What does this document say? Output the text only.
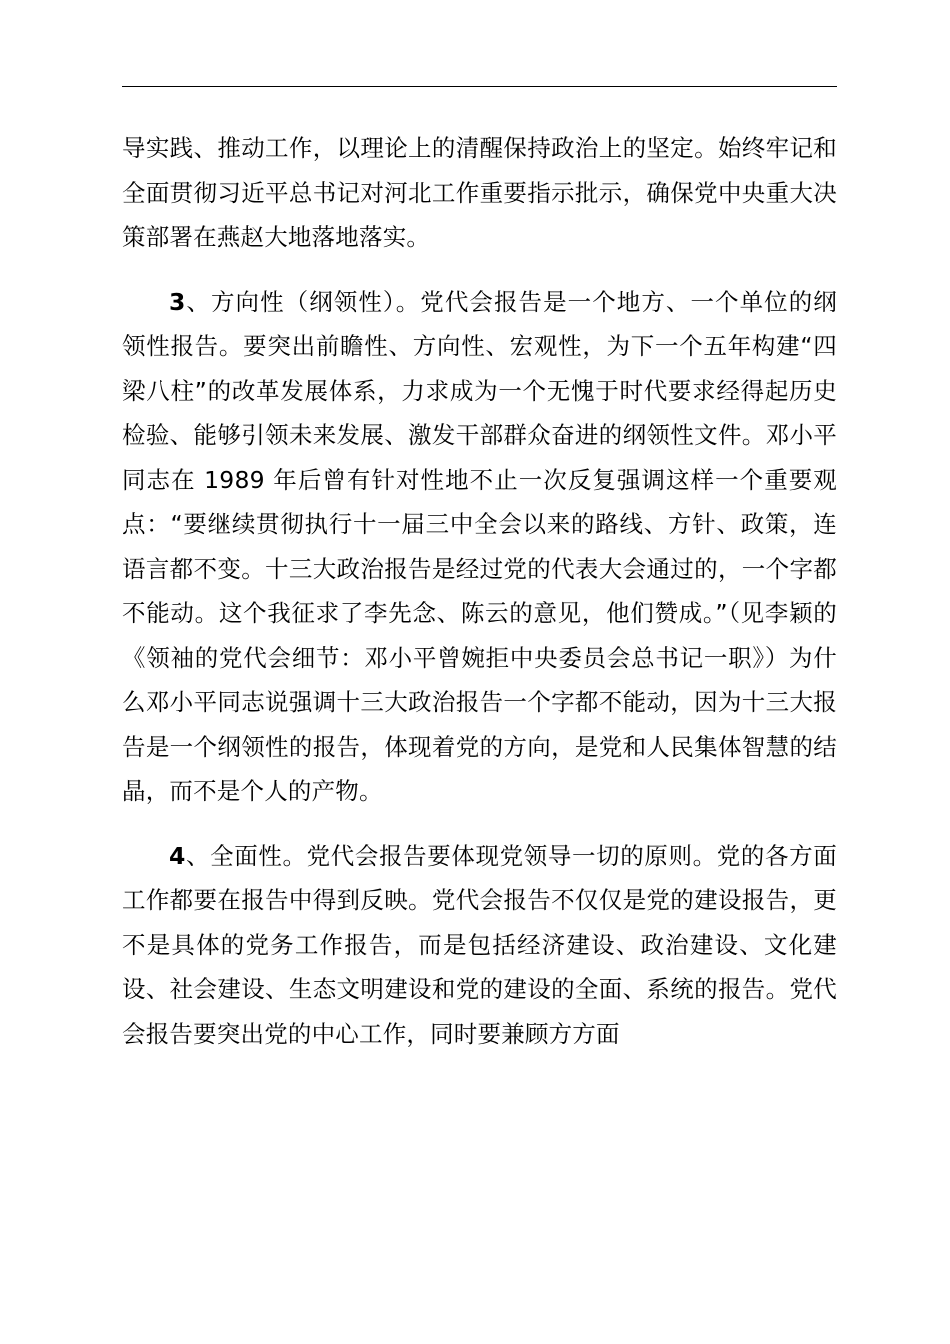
导实践、推动工作，以理论上的清醒保持政治上的坚定。始终牢记和全面贯彻习近平总书记对河北工作重要指示批示，确保党中央重大决策部署在燕赵大地落地落实。

3、方向性（纲领性）。党代会报告是一个地方、一个单位的纲领性报告。要突出前瞻性、方向性、宏观性，为下一个五年构建“四梁八柱”的改革发展体系，力求成为一个无愧于时代要求经得起历史检验、能够引领未来发展、激发干部群众奋进的纲领性文件。邓小平同志在 1989 年后曾有针对性地不止一次反复强调这样一个重要观点：“要继续贯彻执行十一届三中全会以来的路线、方针、政策，连语言都不变。十三大政治报告是经过党的代表大会通过的，一个字都不能动。这个我征求了李先念、陈云的意见，他们赞成。”（见李颖的《领袖的党代会细节：邓小平曾婉拒中央委员会总书记一职》）为什么邓小平同志说强调十三大政治报告一个字都不能动，因为十三大报告是一个纲领性的报告，体现着党的方向，是党和人民集体智慧的结晶，而不是个人的产物。

4、全面性。党代会报告要体现党领导一切的原则。党的各方面工作都要在报告中得到反映。党代会报告不仅仅是党的建设报告，更不是具体的党务工作报告，而是包括经济建设、政治建设、文化建设、社会建设、生态文明建设和党的建设的全面、系统的报告。党代会报告要突出党的中心工作，同时要兼顾方方面
